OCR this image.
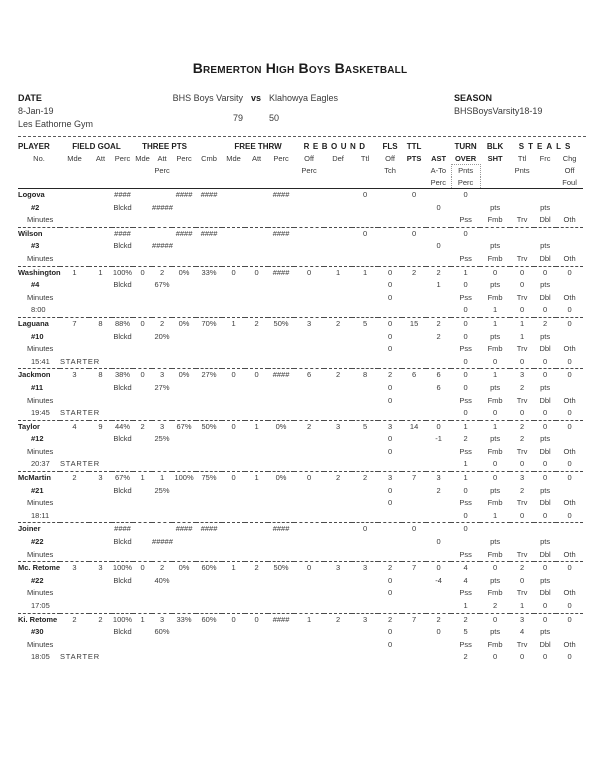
Bremerton High Boys Basketball
DATE
8-Jan-19
Les Eathorne Gym
BHS Boys Varsity vs Klahowya Eagles
79	50
SEASON
BHSBoysVarsity18-19
PLAYER	FIELD GOAL			THREE PTS				FREE THRW			REBOUND			FLS	TTL		TURN	BLK	STEALS		
No.	Mde	Att	Perc	Mde	Att	Perc	Cmb	Mde	Att	Perc	Off	Def	Ttl	Off	PTS	AST	OVER	SHT	Ttl	Frc	Chg
					Perc						Perc			Tch		A-To	Pnts		Pnts		Off
																Perc	Perc				Foul
Logova			####			####	####			####			0		0		0				
#2			Blckd		#####											0		pts		pts	
Minutes																	Pss	Fmb	Trv	Dbl	Oth
Wilson			####			####	####			####			0		0		0				
#3			Blckd		#####											0		pts		pts	
Minutes																	Pss	Fmb	Trv	Dbl	Oth
Washington	1	1	100%	0	2	0%	33%	0	0	####	0	1	1	0	2	2	1	0	0	0	0
#4			Blckd		67%									0		1	0	pts	0	pts	
Minutes														0			Pss	Fmb	Trv	Dbl	Oth
8:00																	0	1	0	0	0
Laguana	7	8	88%	0	2	0%	70%	1	2	50%	3	2	5	0	15	2	0	1	1	2	0
#10			Blckd		20%									0		2	0	pts	1	pts	
Minutes														0			Pss	Fmb	Trv	Dbl	Oth
15:41	STARTER																0	0	0	0	0
Jackmon	3	8	38%	0	3	0%	27%	0	0	####	6	2	8	2	6	6	0	1	3	0	0
#11			Blckd		27%									0		6	0	pts	2	pts	
Minutes														0			Pss	Fmb	Trv	Dbl	Oth
19:45	STARTER																0	0	0	0	0
Taylor	4	9	44%	2	3	67%	50%	0	1	0%	2	3	5	3	14	0	1	1	2	0	0
#12			Blckd		25%									0		-1	2	pts	2	pts	
Minutes														0			Pss	Fmb	Trv	Dbl	Oth
20:37	STARTER																1	0	0	0	0
McMartin	2	3	67%	1	1	100%	75%	0	1	0%	0	2	2	3	7	3	1	0	3	0	0
#21			Blckd		25%									0		2	0	pts	2	pts	
Minutes														0			Pss	Fmb	Trv	Dbl	Oth
18:11																	0	1	0	0	0
Joiner			####			####	####			####			0		0		0				
#22			Blckd		#####											0		pts		pts	
Minutes																	Pss	Fmb	Trv	Dbl	Oth
Mc. Retome	3	3	100%	0	2	0%	60%	1	2	50%	0	3	3	2	7	0	4	0	2	0	0
#22			Blckd		40%									0		-4	4	pts	0	pts	
Minutes														0			Pss	Fmb	Trv	Dbl	Oth
17:05																	1	2	1	0	0
Ki. Retome	2	2	100%	1	3	33%	60%	0	0	####	1	2	3	2	7	2	2	0	3	0	0
#30			Blckd		60%									0		0	5	pts	4	pts	
Minutes														0			Pss	Fmb	Trv	Dbl	Oth
18:05	STARTER																2	0	0	0	0
